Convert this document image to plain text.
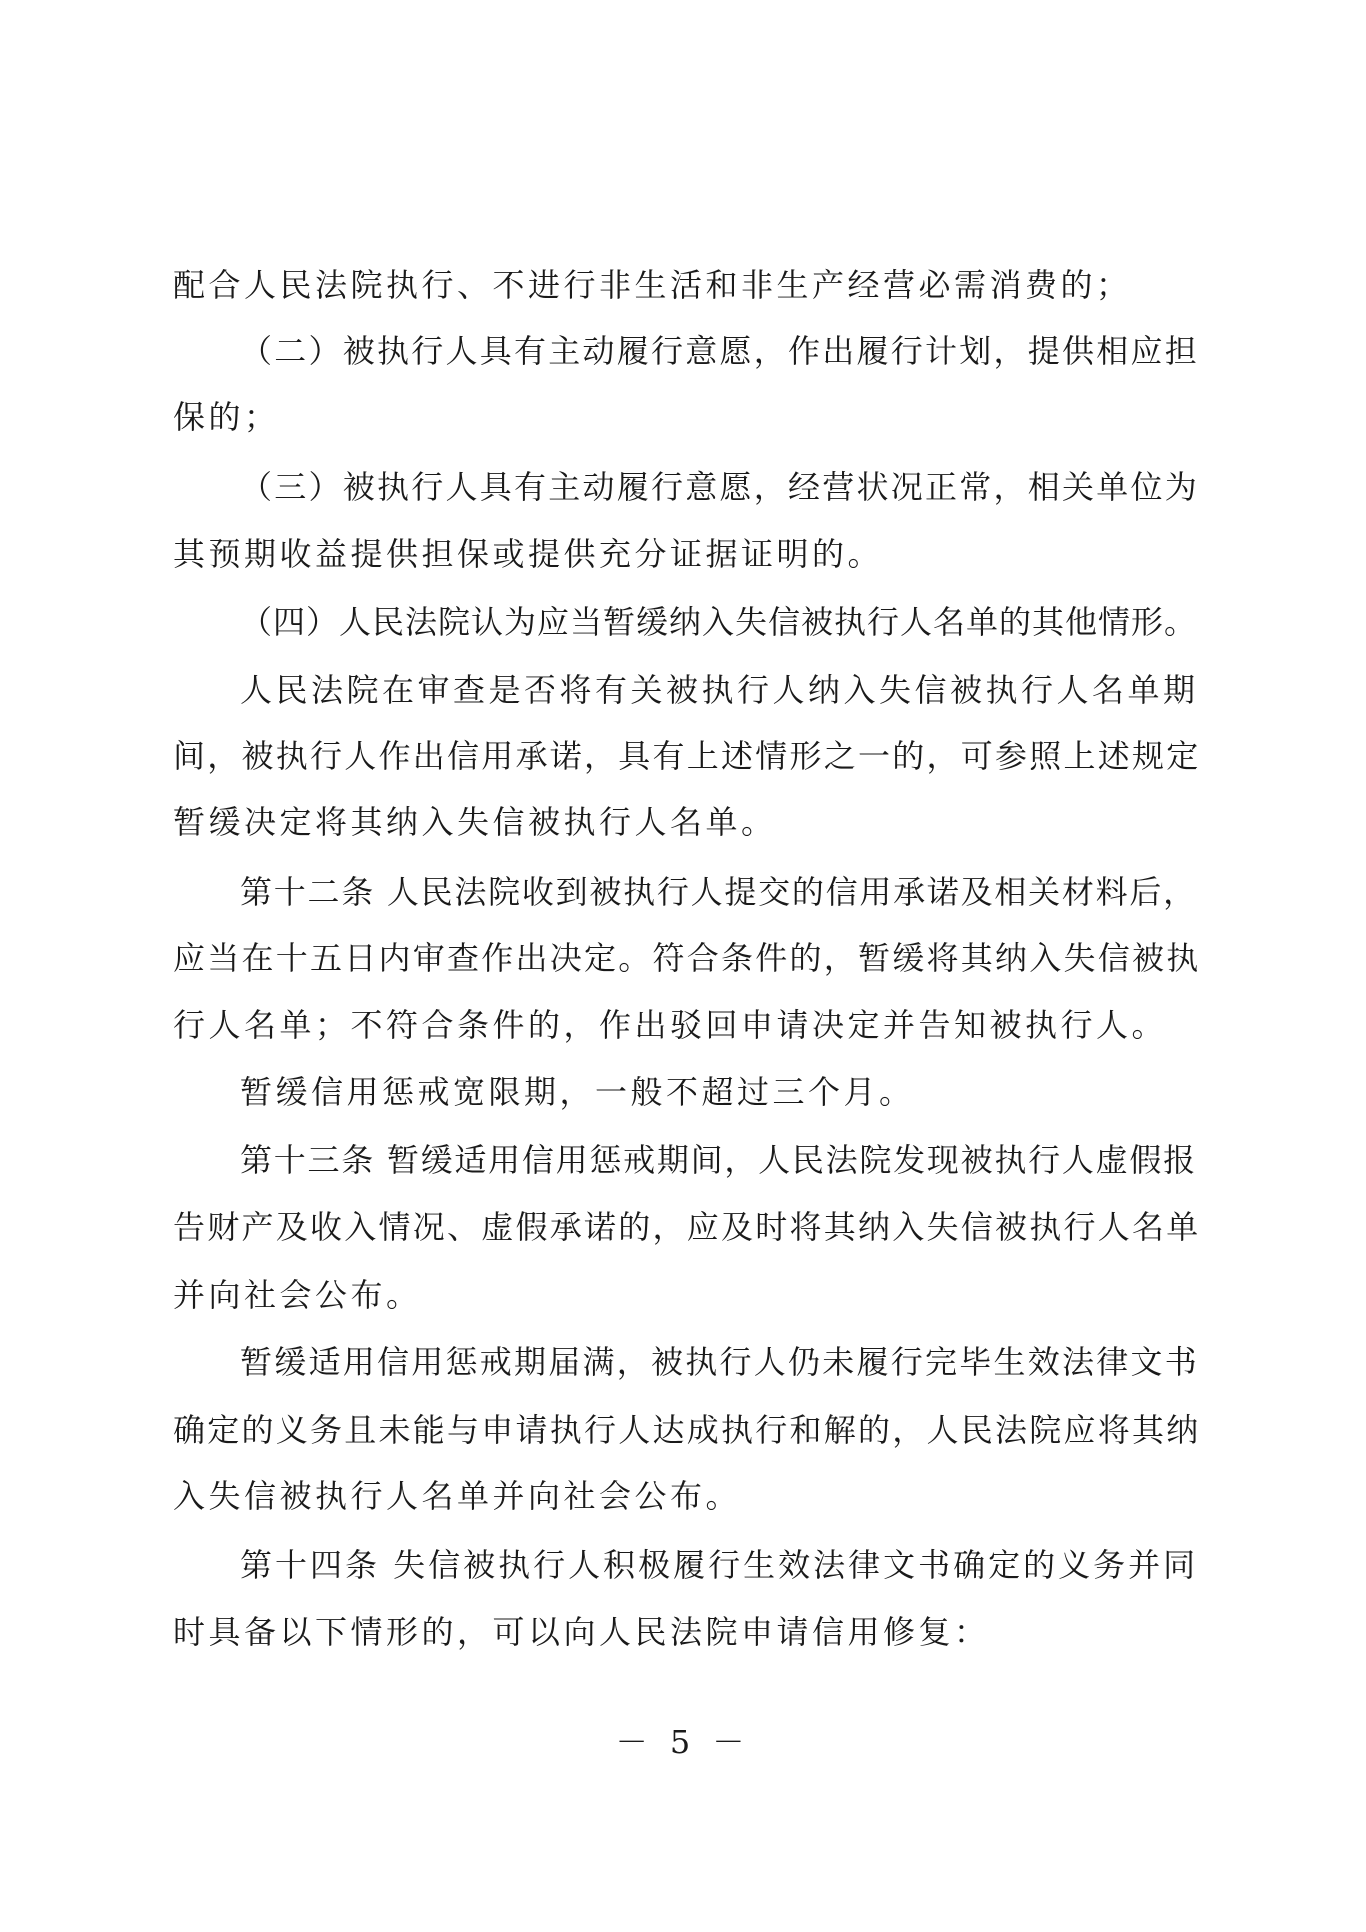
配合人民法院执行、不进行非生活和非生产经营必需消费的；
（二）被执行人具有主动履行意愿，作出履行计划，提供相应担
保的；
（三）被执行人具有主动履行意愿，经营状况正常，相关单位为
其预期收益提供担保或提供充分证据证明的。
（四）人民法院认为应当暂缓纳入失信被执行人名单的其他情形。
人民法院在审查是否将有关被执行人纳入失信被执行人名单期
间，被执行人作出信用承诺，具有上述情形之一的，可参照上述规定
暂缓决定将其纳入失信被执行人名单。
第十二条 人民法院收到被执行人提交的信用承诺及相关材料后，
应当在十五日内审查作出决定。符合条件的，暂缓将其纳入失信被执
行人名单；不符合条件的，作出驳回申请决定并告知被执行人。
暂缓信用惩戒宽限期，一般不超过三个月。
第十三条 暂缓适用信用惩戒期间，人民法院发现被执行人虚假报
告财产及收入情况、虚假承诺的，应及时将其纳入失信被执行人名单
并向社会公布。
暂缓适用信用惩戒期届满，被执行人仍未履行完毕生效法律文书
确定的义务且未能与申请执行人达成执行和解的，人民法院应将其纳
入失信被执行人名单并向社会公布。
第十四条 失信被执行人积极履行生效法律文书确定的义务并同
时具备以下情形的，可以向人民法院申请信用修复：
－ 5 －
